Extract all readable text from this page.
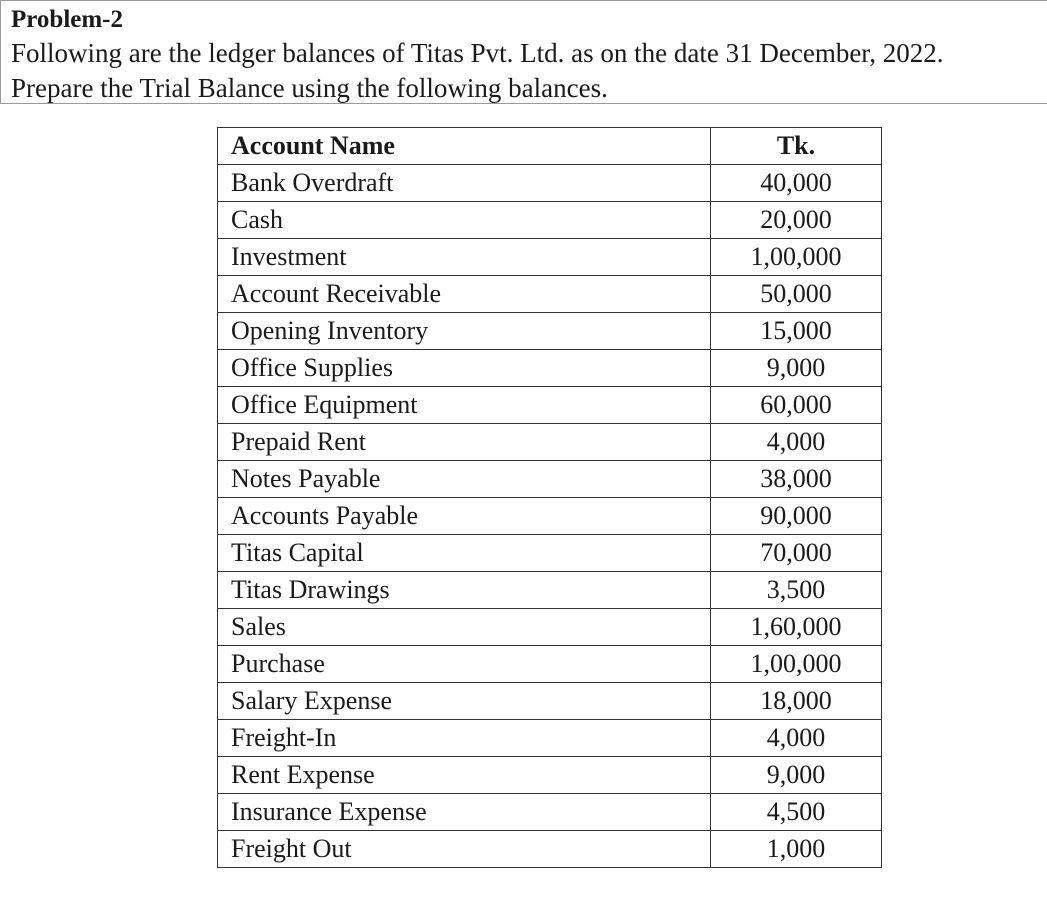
Problem-2

Following are the ledger balances of Titas Pvt. Ltd. as on the date 31 December, 2022.

Prepare the Trial Balance using the following balances.

Account Name	Tk.
Bank Overdraft	40,000
Cash	20,000
Investment	1,00,000
Account Receivable	50,000
Opening Inventory	15,000
Office Supplies	9,000
Office Equipment	60,000
Prepaid Rent	4,000
Notes Payable	38,000
Accounts Payable	90,000
Titas Capital	70,000
Titas Drawings	3,500
Sales	1,60,000
Purchase	1,00,000
Salary Expense	18,000
Freight-In	4,000
Rent Expense	9,000
Insurance Expense	4,500
Freight Out	1,000
